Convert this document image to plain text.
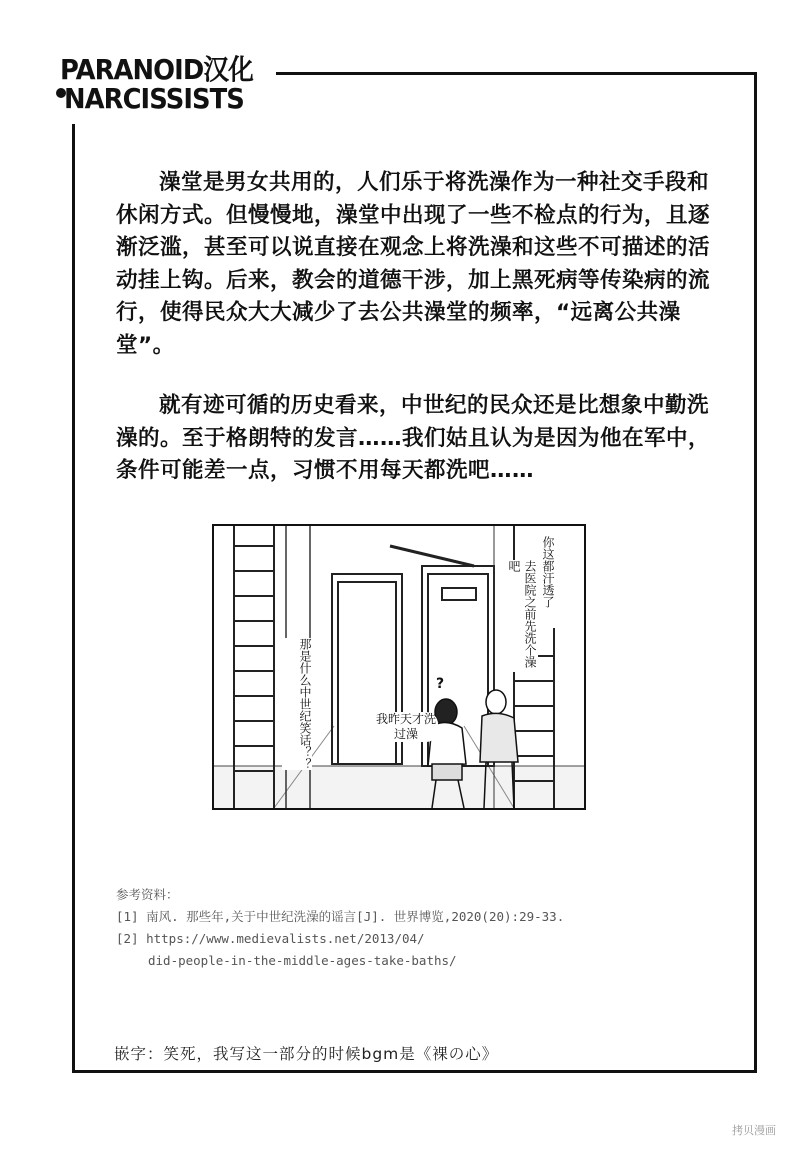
PARANOID汉化
NARCISSISTS

澡堂是男女共用的，人们乐于将洗澡作为一种社交手段和休闲方式。但慢慢地，澡堂中出现了一些不检点的行为，且逐渐泛滥，甚至可以说直接在观念上将洗澡和这些不可描述的活动挂上钩。后来，教会的道德干涉，加上黑死病等传染病的流行，使得民众大大减少了去公共澡堂的频率，“远离公共澡堂”。

就有迹可循的历史看来，中世纪的民众还是比想象中勤洗澡的。至于格朗特的发言……我们姑且认为是因为他在军中，条件可能差一点，习惯不用每天都洗吧……

那是什么中世纪笑话？？	我昨天才洗过澡
你这都汗透了
去医院之前先洗个澡吧
?
参考资料：
[1] 南风. 那些年,关于中世纪洗澡的谣言[J]. 世界博览,2020(20):29-33.
[2] https://www.medievalists.net/2013/04/
did-people-in-the-middle-ages-take-baths/
嵌字：笑死，我写这一部分的时候bgm是《裸の心》
拷贝漫画
